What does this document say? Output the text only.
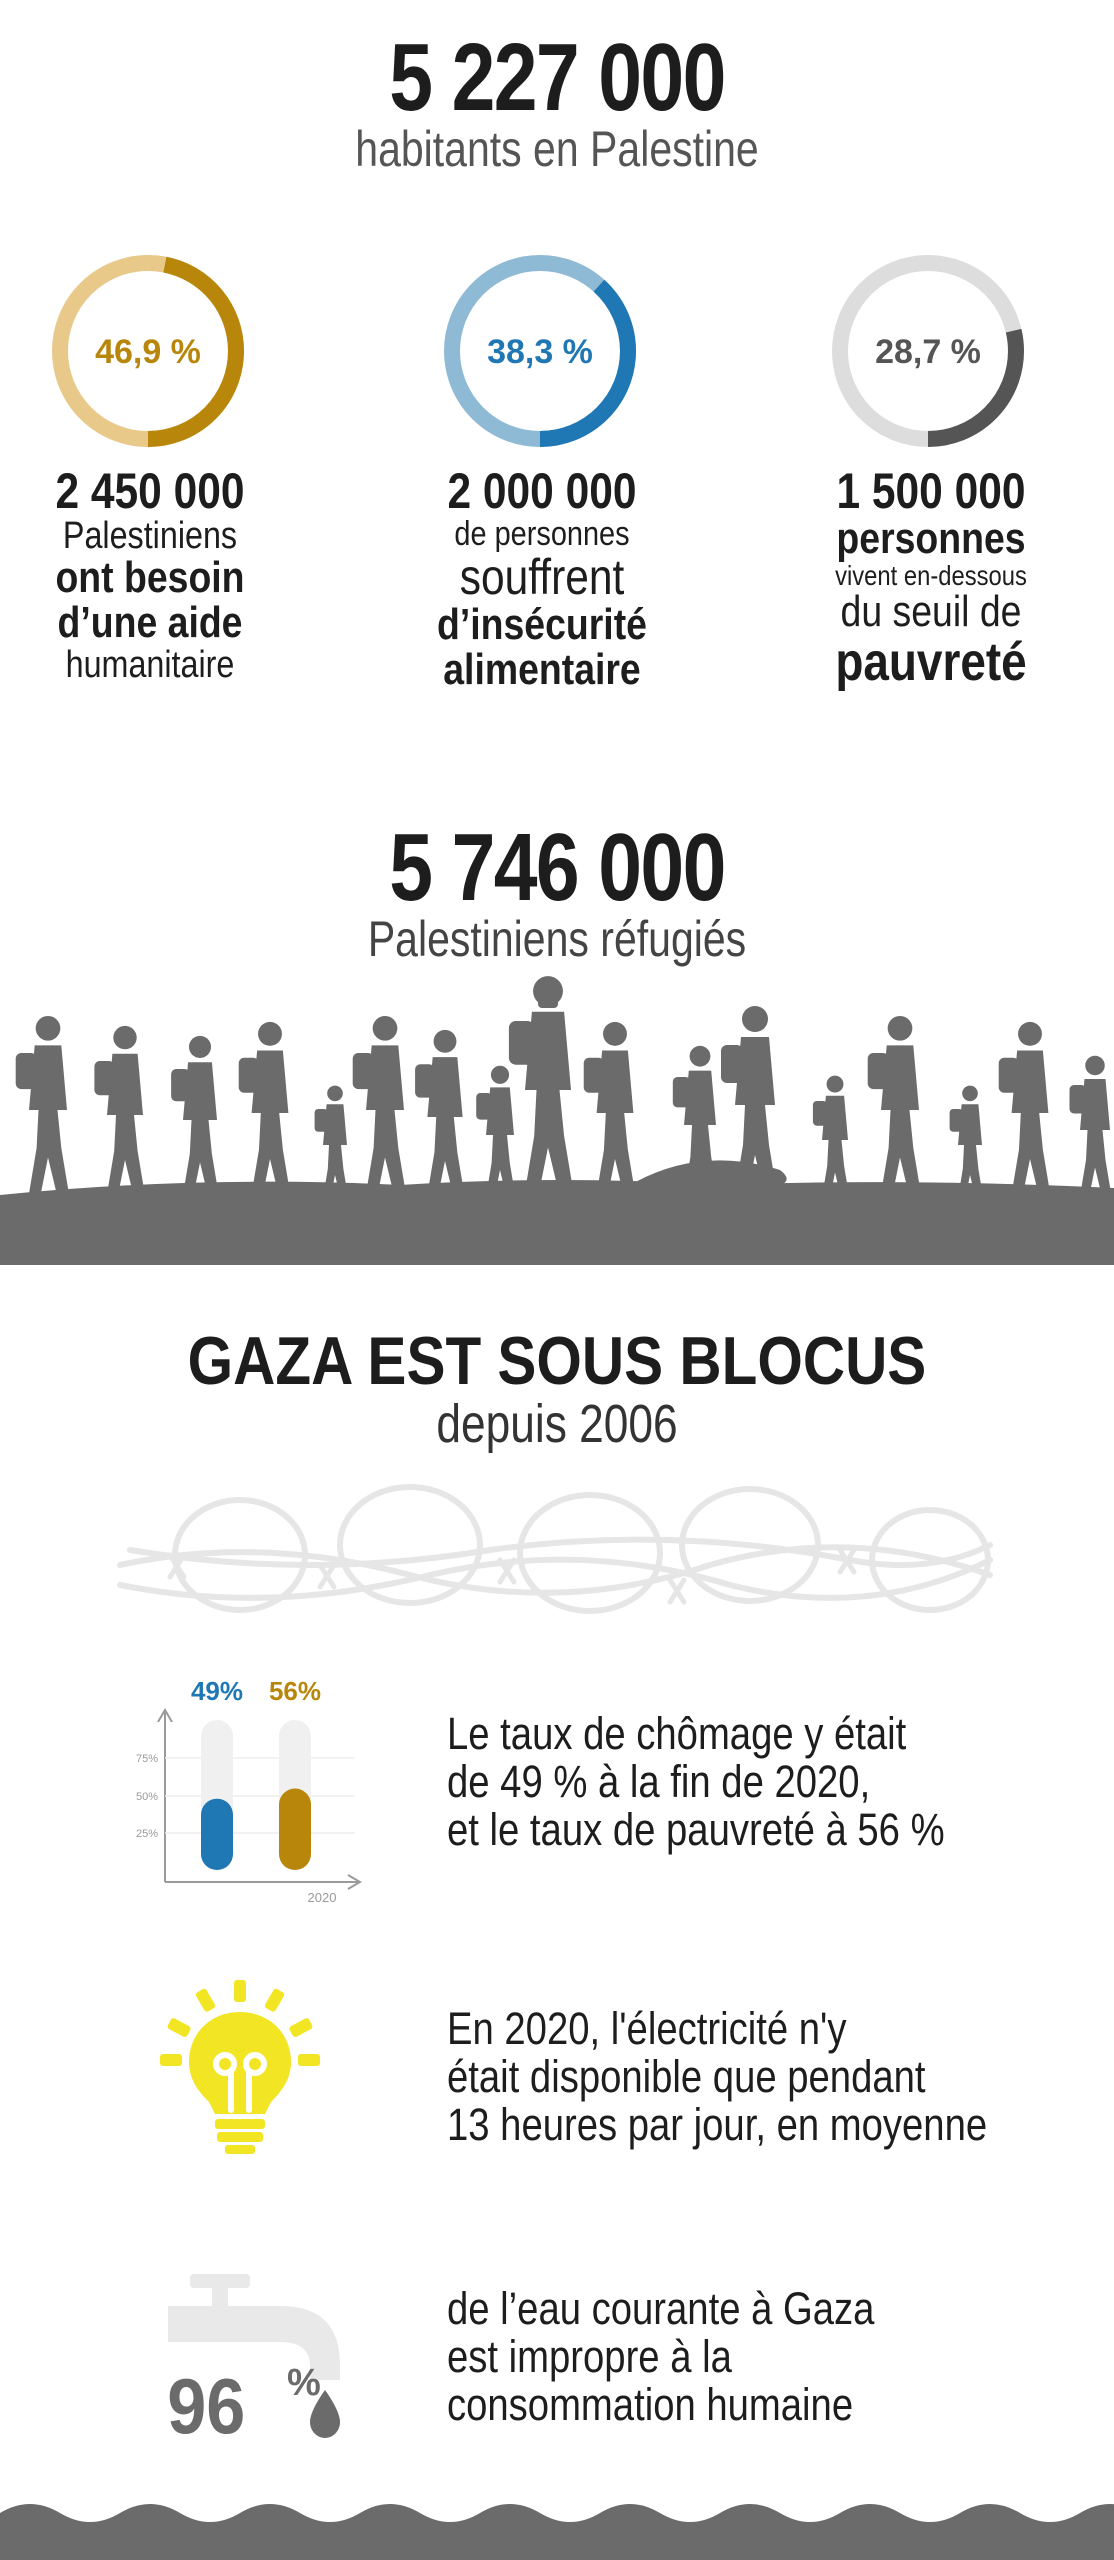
5 227 000
habitants en Palestine
46,9 %	38,3 %	28,7 %
2 450 000
Palestiniens
ont besoin
d’une aide
humanitaire
2 000 000
de personnes
souffrent
d’insécurité
alimentaire
1 500 000
personnes
vivent en-dessous
du seuil de
pauvreté
5 746 000
Palestiniens réfugiés
GAZA EST SOUS BLOCUS
depuis 2006
75%
50%
25%
2020
49% 56%
Le taux de chômage y était
de 49 % à la fin de 2020,
et le taux de pauvreté à 56 %
En 2020, l'électricité n'y
était disponible que pendant
13 heures par jour, en moyenne
96 %
de l’eau courante à Gaza
est impropre à la
consommation humaine
